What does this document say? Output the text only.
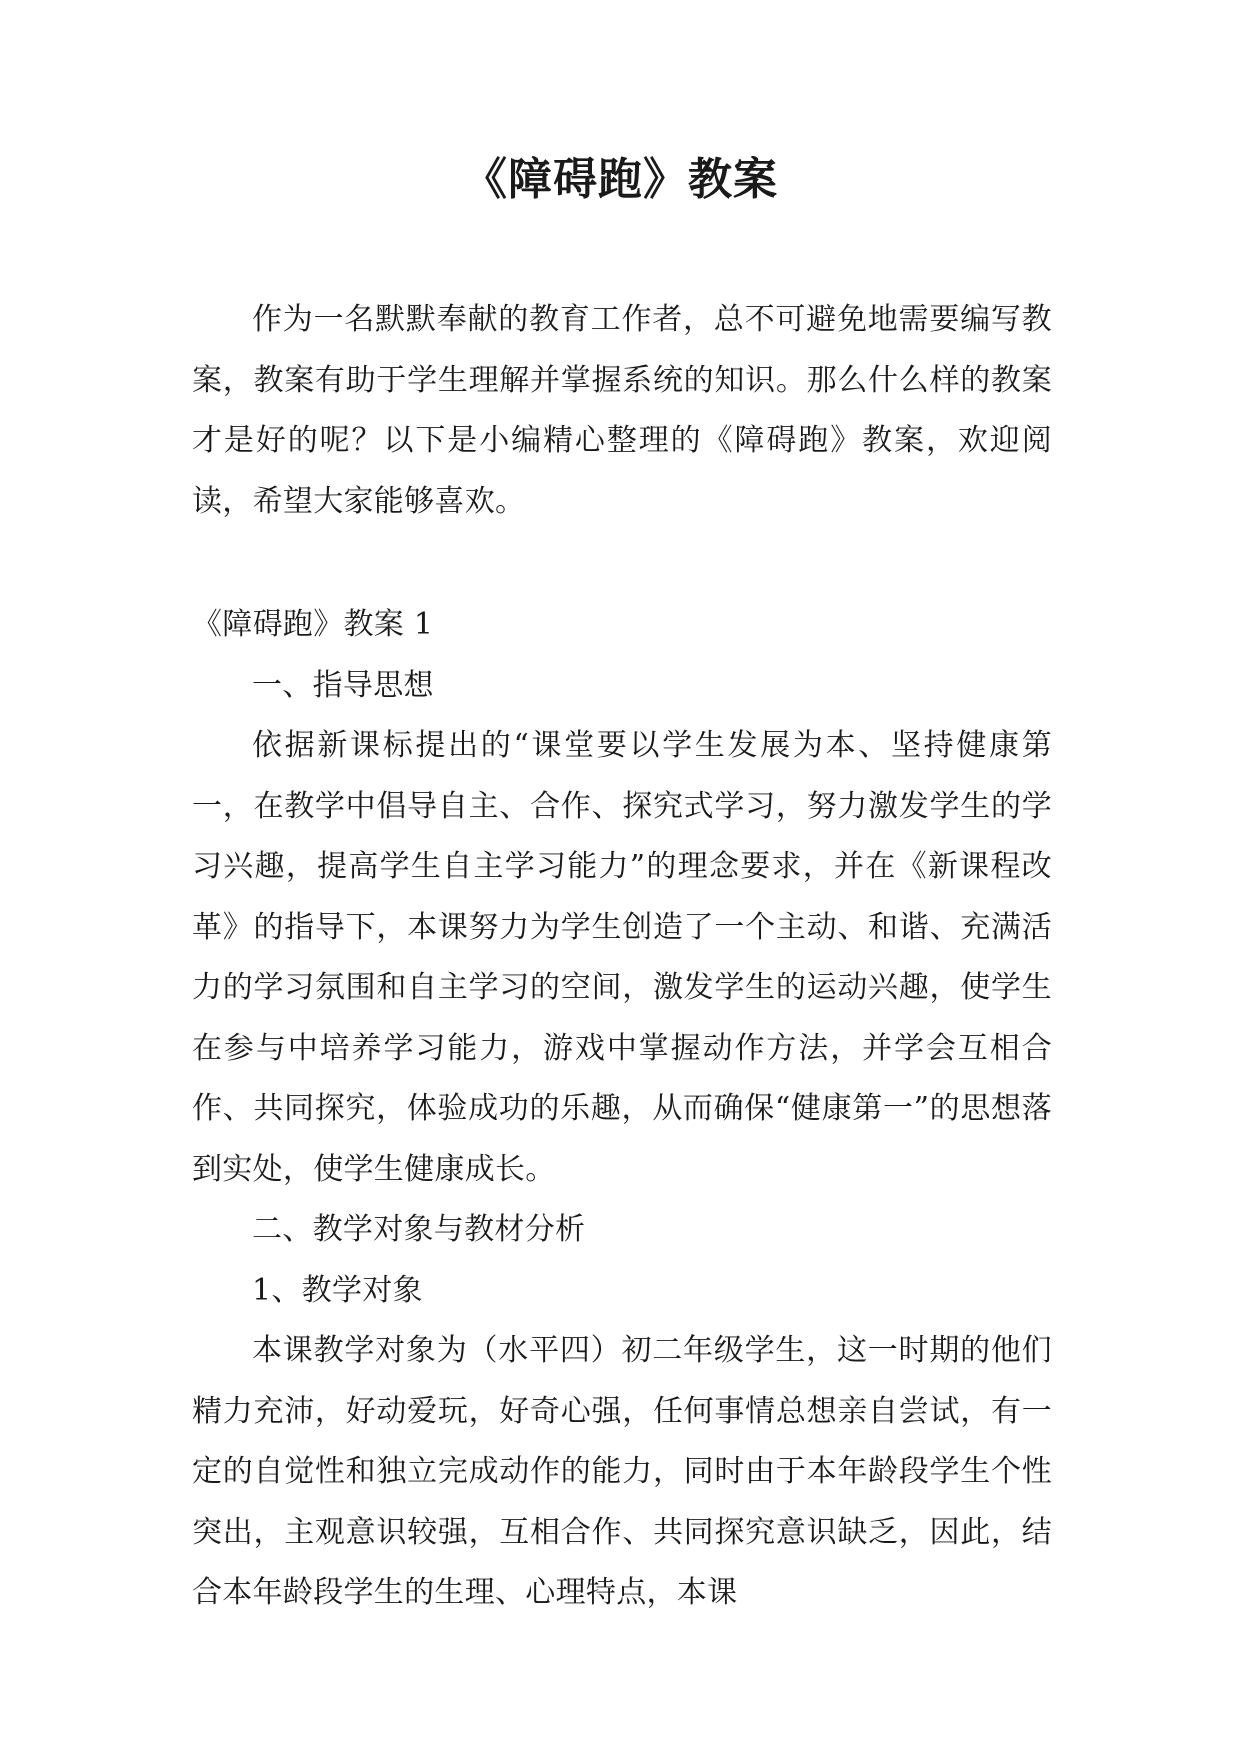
《障碍跑》教案

作为一名默默奉献的教育工作者，总不可避免地需要编写教案，教案有助于学生理解并掌握系统的知识。那么什么样的教案才是好的呢？以下是小编精心整理的《障碍跑》教案，欢迎阅读，希望大家能够喜欢。

《障碍跑》教案 1

一、指导思想

依据新课标提出的“课堂要以学生发展为本、坚持健康第一，在教学中倡导自主、合作、探究式学习，努力激发学生的学习兴趣，提高学生自主学习能力”的理念要求，并在《新课程改革》的指导下，本课努力为学生创造了一个主动、和谐、充满活力的学习氛围和自主学习的空间，激发学生的运动兴趣，使学生在参与中培养学习能力，游戏中掌握动作方法，并学会互相合作、共同探究，体验成功的乐趣，从而确保“健康第一”的思想落到实处，使学生健康成长。

二、教学对象与教材分析

1、教学对象

本课教学对象为（水平四）初二年级学生，这一时期的他们精力充沛，好动爱玩，好奇心强，任何事情总想亲自尝试，有一定的自觉性和独立完成动作的能力，同时由于本年龄段学生个性突出，主观意识较强，互相合作、共同探究意识缺乏，因此，结合本年龄段学生的生理、心理特点，本课
